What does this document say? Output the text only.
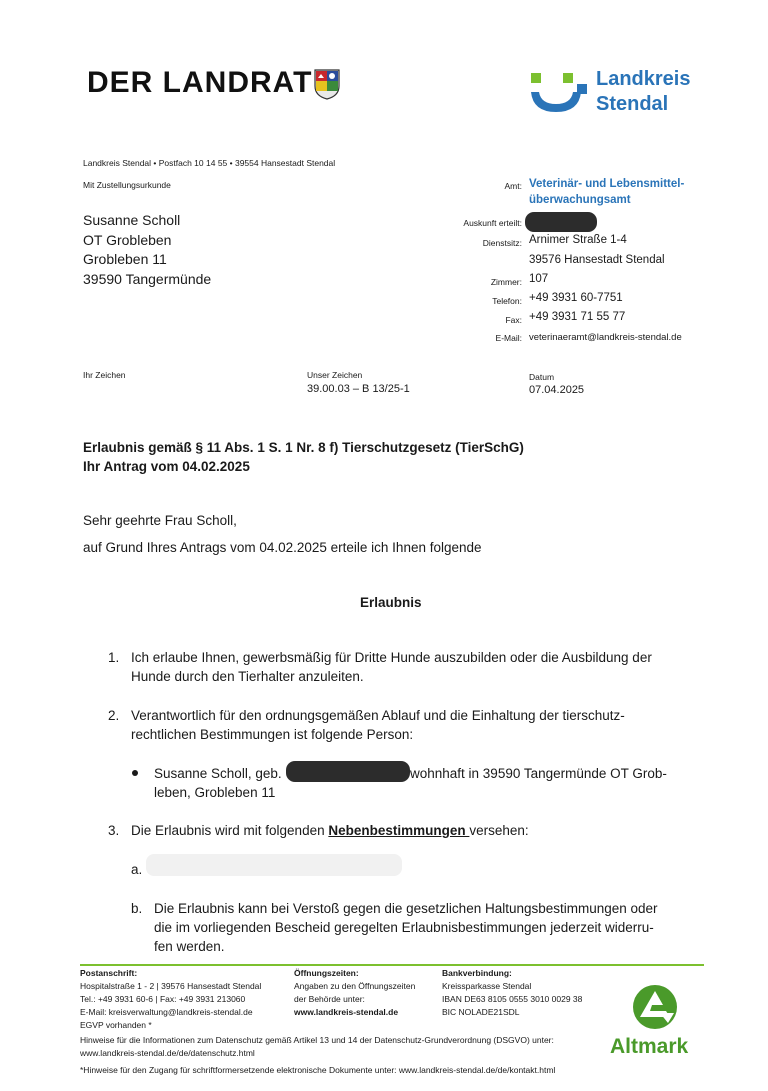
DER LANDRAT	Landkreis
Stendal
Landkreis Stendal • Postfach 10 14 55 • 39554 Hansestadt Stendal
Mit Zustellungsurkunde
Susanne Scholl
OT Grobleben
Grobleben 11
39590 Tangermünde
Amt: Veterinär- und Lebensmittel-
überwachungsamt
Auskunft erteilt:
Dienstsitz: Arnimer Straße 1-4
39576 Hansestadt Stendal
Zimmer: 107
Telefon: +49 3931 60-7751
Fax: +49 3931 71 55 77
E-Mail: veterinaeramt@landkreis-stendal.de
Ihr Zeichen	Unser Zeichen
39.00.03 – B 13/25-1
Datum
07.04.2025
Erlaubnis gemäß § 11 Abs. 1 S. 1 Nr. 8 f) Tierschutzgesetz (TierSchG)
Ihr Antrag vom 04.02.2025
Sehr geehrte Frau Scholl,
auf Grund Ihres Antrags vom 04.02.2025 erteile ich Ihnen folgende
Erlaubnis
1. Ich erlaube Ihnen, gewerbsmäßig für Dritte Hunde auszubilden oder die Ausbildung der
Hunde durch den Tierhalter anzuleiten.
2. Verantwortlich für den ordnungsgemäßen Ablauf und die Einhaltung der tierschutz-
rechtlichen Bestimmungen ist folgende Person:
Susanne Scholl, geb.	wohnhaft in 39590 Tangermünde OT Grob-
leben, Grobleben 11
3. Die Erlaubnis wird mit folgenden Nebenbestimmungen versehen:
a.
b. Die Erlaubnis kann bei Verstoß gegen die gesetzlichen Haltungsbestimmungen oder
die im vorliegenden Bescheid geregelten Erlaubnisbestimmungen jederzeit widerru-
fen werden.
Postanschrift:
Hospitalstraße 1 - 2 | 39576 Hansestadt Stendal
Tel.: +49 3931 60-6 | Fax: +49 3931 213060
E-Mail: kreisverwaltung@landkreis-stendal.de
EGVP vorhanden *
Öffnungszeiten:
Angaben zu den Öffnungszeiten
der Behörde unter:
www.landkreis-stendal.de
Bankverbindung:
Kreissparkasse Stendal
IBAN DE63 8105 0555 3010 0029 38
BIC NOLADE21SDL
Hinweise für die Informationen zum Datenschutz gemäß Artikel 13 und 14 der Datenschutz-Grundverordnung (DSGVO) unter:
www.landkreis-stendal.de/de/datenschutz.html
*Hinweise für den Zugang für schriftformersetzende elektronische Dokumente unter: www.landkreis-stendal.de/de/kontakt.html
Altmark
